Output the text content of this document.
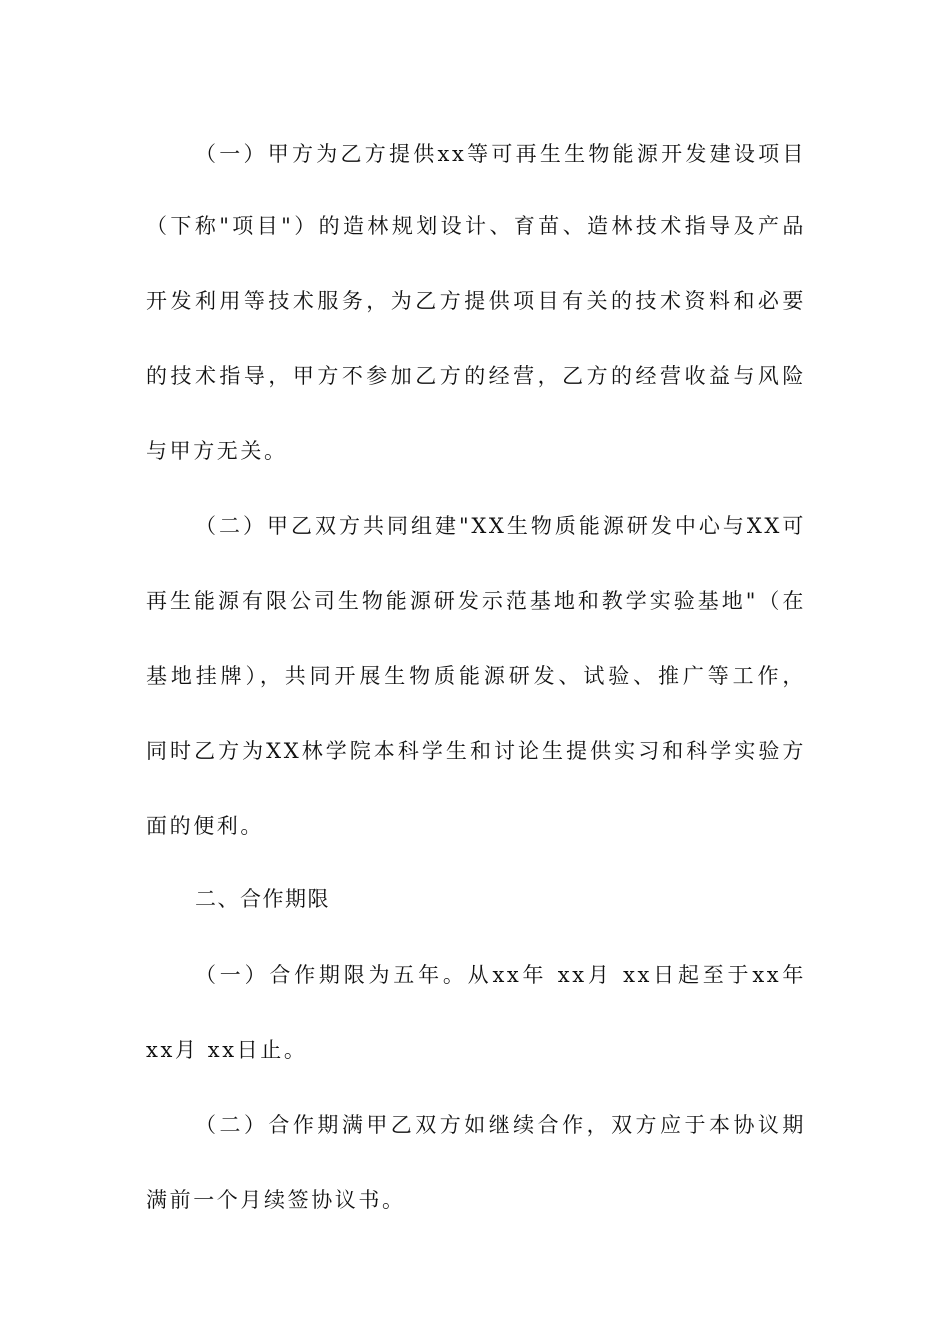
（一）甲方为乙方提供xx等可再生生物能源开发建设项目
（下称"项目"）的造林规划设计、育苗、造林技术指导及产品
开发利用等技术服务，为乙方提供项目有关的技术资料和必要
的技术指导，甲方不参加乙方的经营，乙方的经营收益与风险
与甲方无关。
（二）甲乙双方共同组建"XX生物质能源研发中心与XX可
再生能源有限公司生物能源研发示范基地和教学实验基地"（在
基地挂牌），共同开展生物质能源研发、试验、推广等工作，
同时乙方为XX林学院本科学生和讨论生提供实习和科学实验方
面的便利。
二、合作期限
（一）合作期限为五年。从xx年 xx月 xx日起至于xx年
xx月 xx日止。
（二）合作期满甲乙双方如继续合作，双方应于本协议期
满前一个月续签协议书。
